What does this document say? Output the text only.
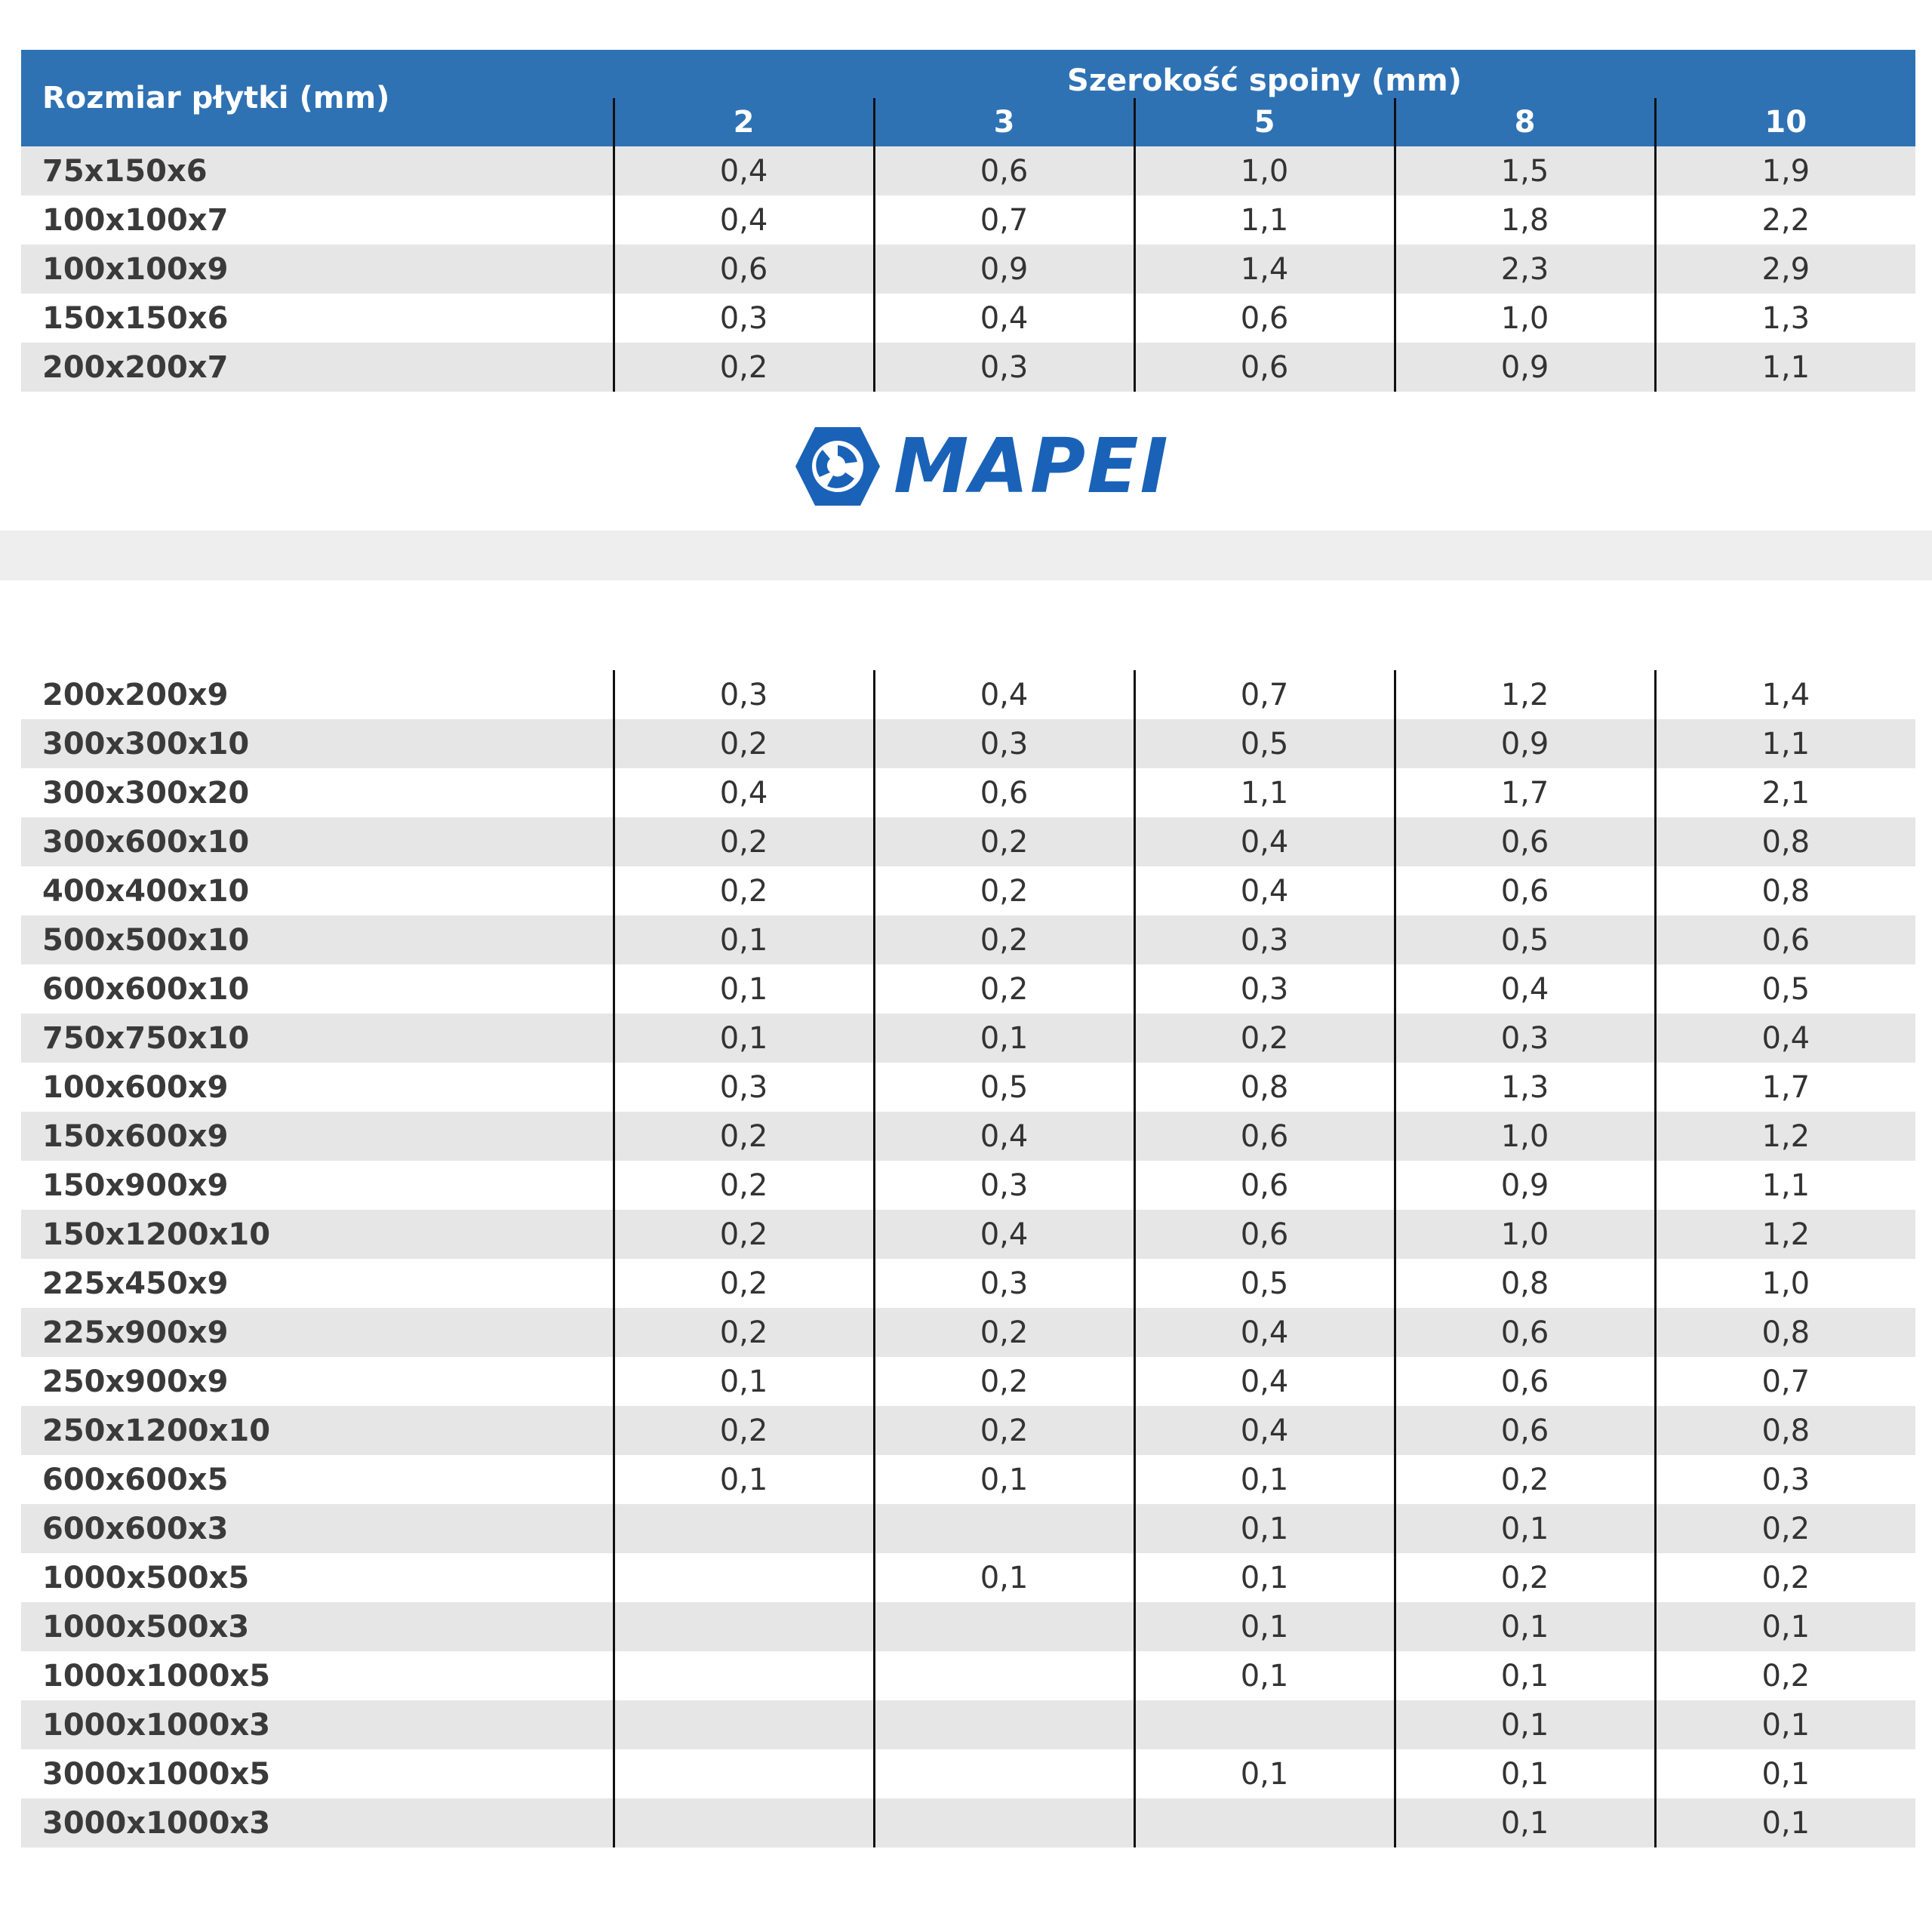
Rozmiar płytki (mm)	Szerokość spoiny (mm)				
	2	3	5	8	10
75x150x6	0,4	0,6	1,0	1,5	1,9
100x100x7	0,4	0,7	1,1	1,8	2,2
100x100x9	0,6	0,9	1,4	2,3	2,9
150x150x6	0,3	0,4	0,6	1,0	1,3
200x200x7	0,2	0,3	0,6	0,9	1,1
MAPEI
200x200x9	0,3	0,4	0,7	1,2	1,4
300x300x10	0,2	0,3	0,5	0,9	1,1
300x300x20	0,4	0,6	1,1	1,7	2,1
300x600x10	0,2	0,2	0,4	0,6	0,8
400x400x10	0,2	0,2	0,4	0,6	0,8
500x500x10	0,1	0,2	0,3	0,5	0,6
600x600x10	0,1	0,2	0,3	0,4	0,5
750x750x10	0,1	0,1	0,2	0,3	0,4
100x600x9	0,3	0,5	0,8	1,3	1,7
150x600x9	0,2	0,4	0,6	1,0	1,2
150x900x9	0,2	0,3	0,6	0,9	1,1
150x1200x10	0,2	0,4	0,6	1,0	1,2
225x450x9	0,2	0,3	0,5	0,8	1,0
225x900x9	0,2	0,2	0,4	0,6	0,8
250x900x9	0,1	0,2	0,4	0,6	0,7
250x1200x10	0,2	0,2	0,4	0,6	0,8
600x600x5	0,1	0,1	0,1	0,2	0,3
600x600x3			0,1	0,1	0,2
1000x500x5		0,1	0,1	0,2	0,2
1000x500x3			0,1	0,1	0,1
1000x1000x5			0,1	0,1	0,2
1000x1000x3				0,1	0,1
3000x1000x5			0,1	0,1	0,1
3000x1000x3				0,1	0,1
